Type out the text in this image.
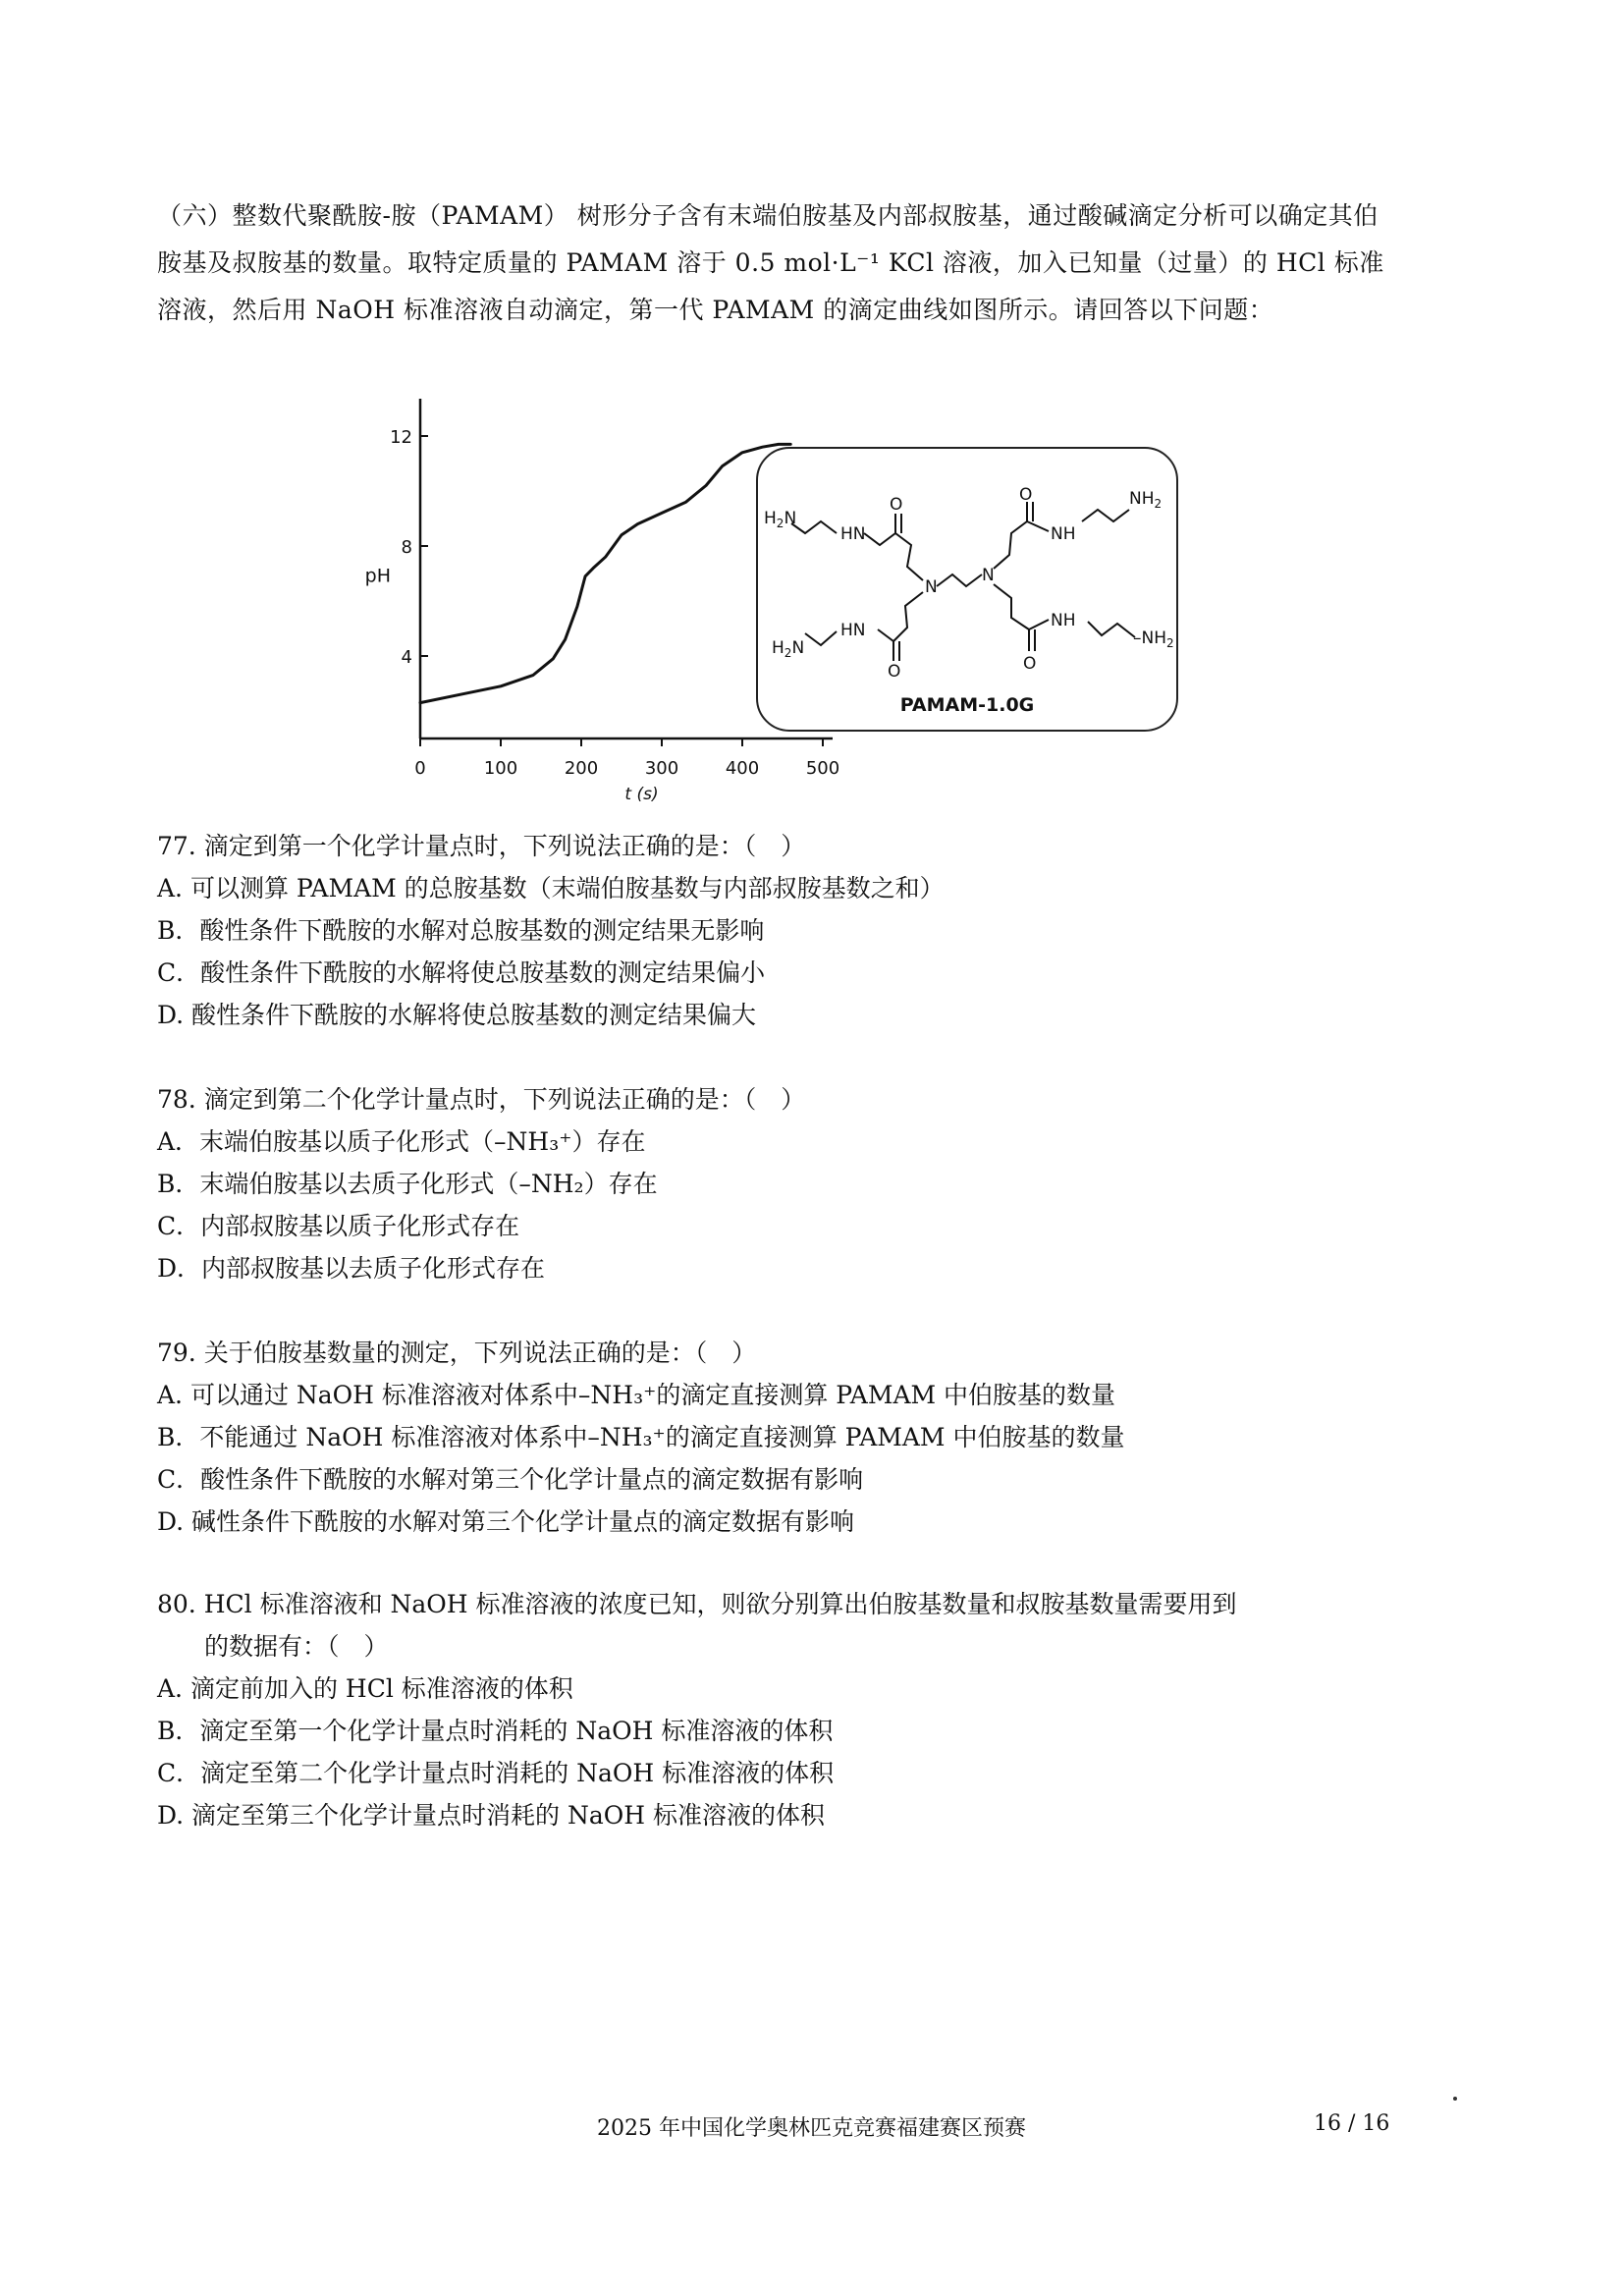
（六）整数代聚酰胺-胺（PAMAM） 树形分子含有末端伯胺基及内部叔胺基，通过酸碱滴定分析可以确定其伯胺基及叔胺基的数量。取特定质量的 PAMAM 溶于 0.5 mol·L⁻¹ KCl 溶液，加入已知量（过量）的 HCl 标准溶液，然后用 NaOH 标准溶液自动滴定，第一代 PAMAM 的滴定曲线如图所示。请回答以下问题：
0	100	200	300	400	500
4
8
12
pH
t (s)
$H_2N$
HN
O
N
N
O
NH
$NH_2$
HN
O
$H_2N$
O
NH
$-NH_2$
PAMAM-1.0G
77. 滴定到第一个化学计量点时，下列说法正确的是：（　）
A. 可以测算 PAMAM 的总胺基数（末端伯胺基数与内部叔胺基数之和）
B．酸性条件下酰胺的水解对总胺基数的测定结果无影响
C．酸性条件下酰胺的水解将使总胺基数的测定结果偏小
D. 酸性条件下酰胺的水解将使总胺基数的测定结果偏大
78. 滴定到第二个化学计量点时，下列说法正确的是：（　）
A．末端伯胺基以质子化形式（–NH₃⁺）存在
B．末端伯胺基以去质子化形式（–NH₂）存在
C．内部叔胺基以质子化形式存在
D．内部叔胺基以去质子化形式存在
79. 关于伯胺基数量的测定，下列说法正确的是：（　）
A. 可以通过 NaOH 标准溶液对体系中–NH₃⁺的滴定直接测算 PAMAM 中伯胺基的数量
B．不能通过 NaOH 标准溶液对体系中–NH₃⁺的滴定直接测算 PAMAM 中伯胺基的数量
C．酸性条件下酰胺的水解对第三个化学计量点的滴定数据有影响
D. 碱性条件下酰胺的水解对第三个化学计量点的滴定数据有影响
80. HCl 标准溶液和 NaOH 标准溶液的浓度已知，则欲分别算出伯胺基数量和叔胺基数量需要用到
的数据有：（　）
A. 滴定前加入的 HCl 标准溶液的体积
B．滴定至第一个化学计量点时消耗的 NaOH 标准溶液的体积
C．滴定至第二个化学计量点时消耗的 NaOH 标准溶液的体积
D. 滴定至第三个化学计量点时消耗的 NaOH 标准溶液的体积
2025 年中国化学奥林匹克竞赛福建赛区预赛	16 / 16
